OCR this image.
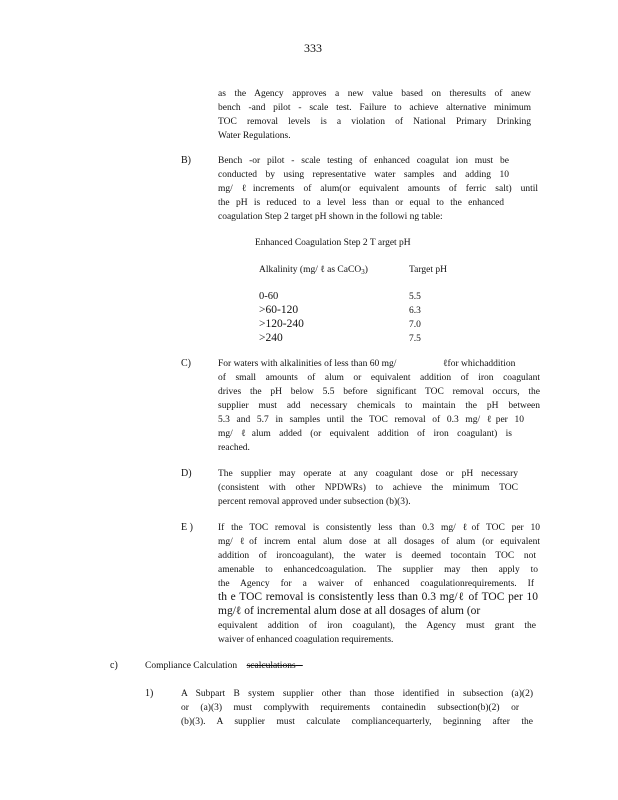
333
as the Agency approves a new value based on theresults of anew
bench -and pilot - scale test. Failure to achieve alternative minimum
TOC removal levels is a violation of National Primary Drinking
Water Regulations.
B)	Bench -or pilot - scale testing of enhanced coagulat ion must be
conducted by using representative water samples and adding 10
mg/ ℓincrements of alum(or equivalent amounts of ferric salt) until
the pH is reduced to a level less than or equal to the enhanced
coagulation Step 2 target pH shown in the followi ng table:
Enhanced Coagulation Step 2 T arget pH
Alkalinity (mg/ ℓ as CaCO$_3$)	Target pH
0-60	5.5
>60-120	6.3
>120-240	7.0
>240	7.5
C)	For waters with alkalinities of less than 60 mg/	ℓfor whichaddition
of small amounts of alum or equivalent addition of iron coagulant
drives the pH below 5.5 before significant TOC removal occurs, the
supplier must add necessary chemicals to maintain the pH between
5.3 and 5.7 in samples until the TOC removal of 0.3 mg/ ℓper 10
mg/ ℓalum added (or equivalent addition of iron coagulant) is
reached.
D)	The supplier may operate at any coagulant dose or pH necessary
(consistent with other NPDWRs) to achieve the minimum TOC
percent removal approved under subsection (b)(3).
E )	If the TOC removal is consistently less than 0.3 mg/ ℓof TOC per 10
mg/ ℓof increm ental alum dose at all dosages of alum (or equivalent
addition of ironcoagulant), the water is deemed tocontain TOC not
amenable to enhancedcoagulation. The supplier may then apply to
the Agency for a waiver of enhanced coagulationrequirements. If
th e TOC removal is consistently less than 0.3 mg/ℓ of TOC per 10
mg/ℓ of incremental alum dose at all dosages of alum (or
equivalent addition of iron coagulant), the Agency must grant the
waiver of enhanced coagulation requirements.
c)	Compliance Calculation scalculations
1)	A Subpart B system supplier other than those identified in subsection (a)(2)
or (a)(3) must complywith requirements containedin subsection(b)(2) or
(b)(3). A supplier must calculate compliancequarterly, beginning after the
